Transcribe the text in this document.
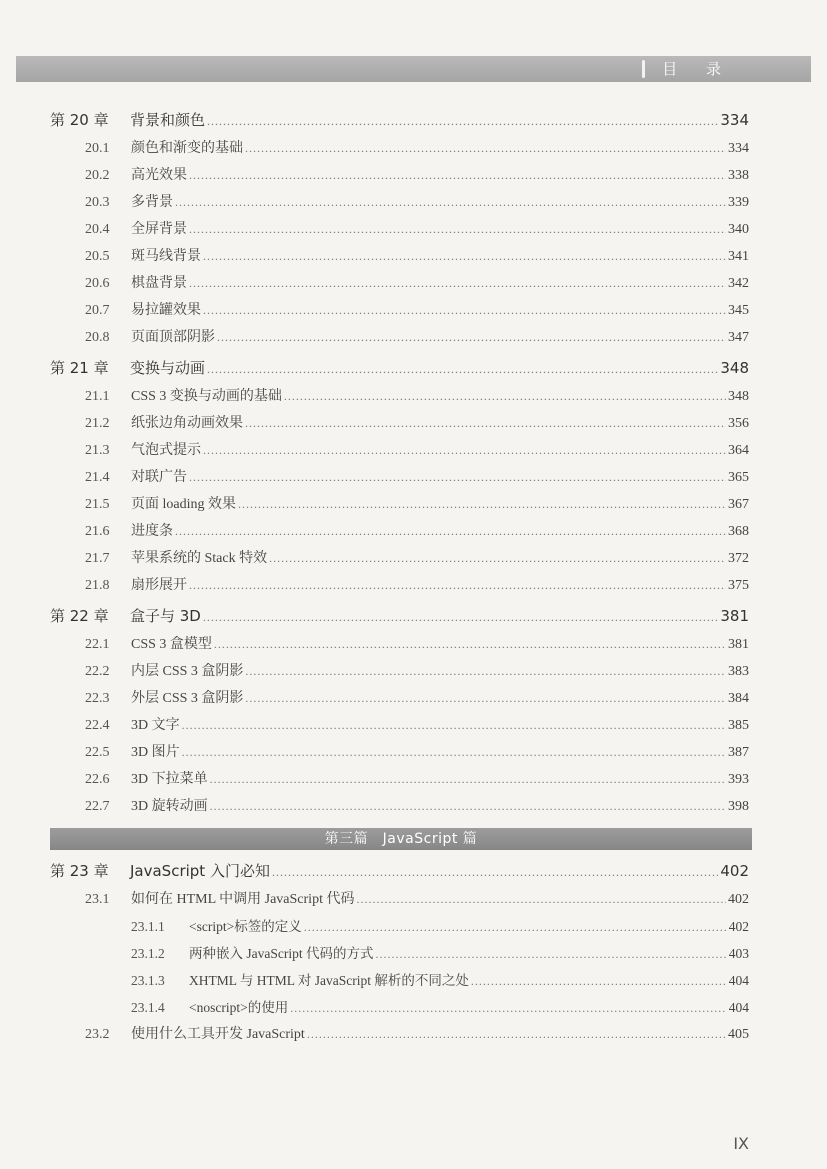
目 录
第 20 章	背景和颜色 .....	334
20.1	颜色和渐变的基础 .....	334
20.2	高光效果 .....	338
20.3	多背景 .....	339
20.4	全屏背景 .....	340
20.5	斑马线背景 .....	341
20.6	棋盘背景 .....	342
20.7	易拉罐效果 .....	345
20.8	页面顶部阴影 .....	347
第 21 章	变换与动画 .....	348
21.1	CSS 3 变换与动画的基础 .....	348
21.2	纸张边角动画效果 .....	356
21.3	气泡式提示 .....	364
21.4	对联广告 .....	365
21.5	页面 loading 效果 .....	367
21.6	进度条 .....	368
21.7	苹果系统的 Stack 特效 .....	372
21.8	扇形展开 .....	375
第 22 章	盒子与 3D .....	381
22.1	CSS 3 盒模型 .....	381
22.2	内层 CSS 3 盒阴影 .....	383
22.3	外层 CSS 3 盒阴影 .....	384
22.4	3D 文字 .....	385
22.5	3D 图片 .....	387
22.6	3D 下拉菜单 .....	393
22.7	3D 旋转动画 .....	398
第三篇　JavaScript 篇
第 23 章	JavaScript 入门必知 .....	402
23.1	如何在 HTML 中调用 JavaScript 代码 .....	402
23.1.1	<script>标签的定义 .....	402
23.1.2	两种嵌入 JavaScript 代码的方式 .....	403
23.1.3	XHTML 与 HTML 对 JavaScript 解析的不同之处 .....	404
23.1.4	<noscript>的使用 .....	404
23.2	使用什么工具开发 JavaScript .....	405
IX
